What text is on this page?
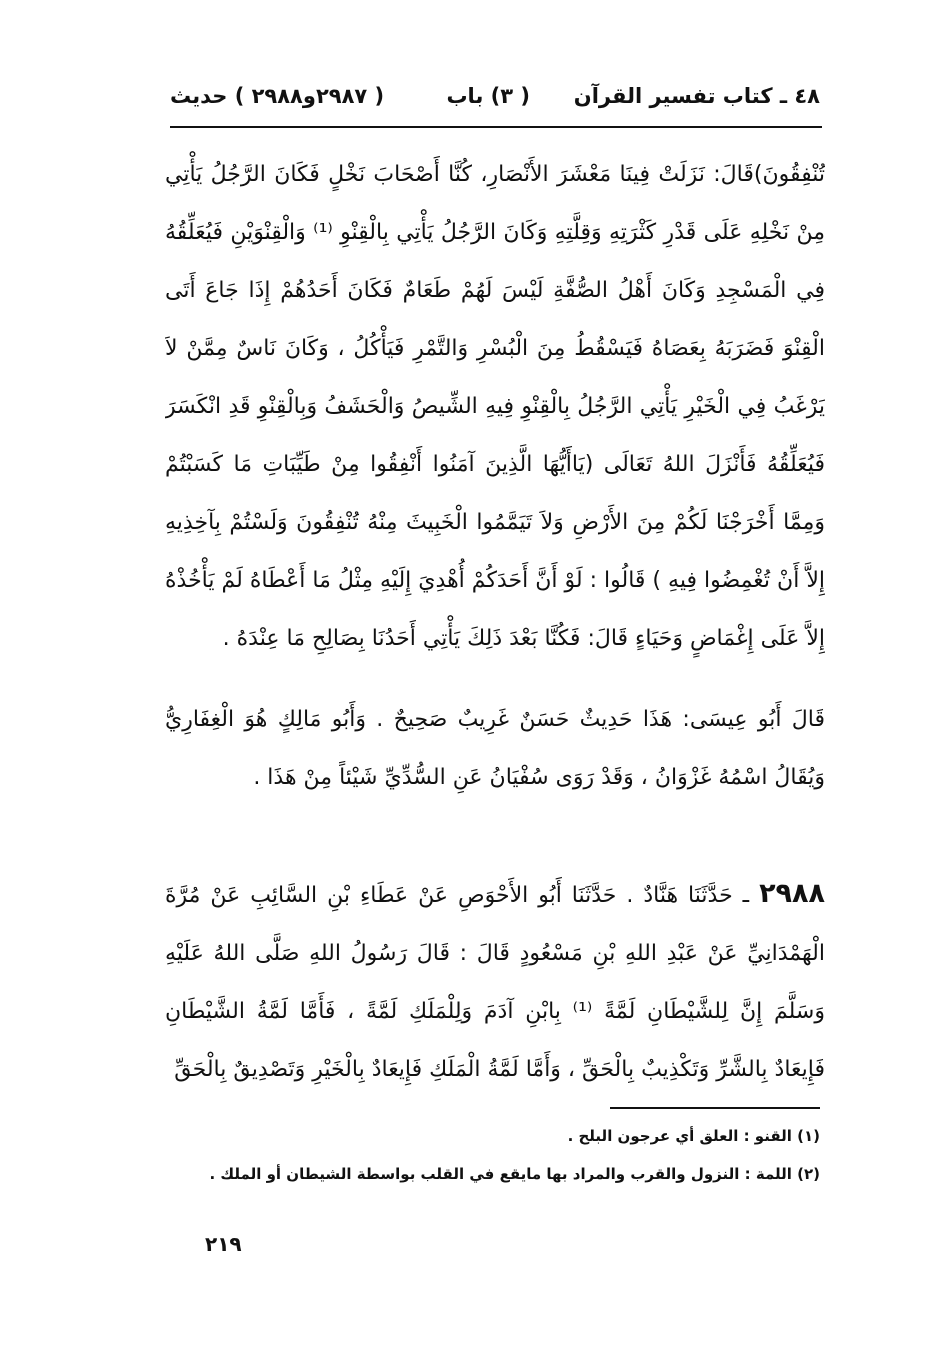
٤٨ ـ كتاب تفسير القرآن
( ٣) باب
( ٢٩٨٧و٢٩٨٨ ) حديث

تُنْفِقُونَ)قَالَ: نَزَلَتْ فِينَا مَعْشَرَ الأَنْصَارِ، كُنَّا أَصْحَابَ نَخْلٍ فَكَانَ الرَّجُلُ يَأْتِي مِنْ نَخْلِهِ عَلَى قَدْرِ كَثْرَتِهِ وَقِلَّتِهِ وَكَانَ الرَّجُلُ يَأْتِي بِالْقِنْوِ ⁽¹⁾ وَالْقِنْوَيْنِ فَيُعَلِّقُهُ فِي الْمَسْجِدِ وَكَانَ أَهْلُ الصُّفَّةِ لَيْسَ لَهُمْ طَعَامٌ فَكَانَ أَحَدُهُمْ إِذَا جَاعَ أَتَى الْقِنْوَ فَضَرَبَهُ بِعَصَاهُ فَيَسْقُطُ مِنَ الْبُسْرِ وَالتَّمْرِ فَيَأْكُلُ ، وَكَانَ نَاسٌ مِمَّنْ لاَ يَرْغَبُ فِي الْخَيْرِ يَأْتِي الرَّجُلُ بِالْقِنْوِ فِيهِ الشِّيصُ وَالْحَشَفُ وَبِالْقِنْوِ قَدِ انْكَسَرَ فَيُعَلِّقُهُ فَأَنْزَلَ اللهُ تَعَالَى (يَاأَيُّهَا الَّذِينَ آمَنُوا أَنْفِقُوا مِنْ طَيِّبَاتِ مَا كَسَبْتُمْ وَمِمَّا أَخْرَجْنَا لَكُمْ مِنَ الأَرْضِ وَلاَ تَيَمَّمُوا الْخَبِيثَ مِنْهُ تُنْفِقُونَ وَلَسْتُمْ بِآخِذِيهِ إِلاَّ أَنْ تُغْمِضُوا فِيهِ ) قَالُوا : لَوْ أَنَّ أَحَدَكُمْ أُهْدِيَ إِلَيْهِ مِثْلُ مَا أَعْطَاهُ لَمْ يَأْخُذْهُ إِلاَّ عَلَى إِغْمَاضٍ وَحَيَاءٍ قَالَ: فَكُنَّا بَعْدَ ذَلِكَ يَأْتِي أَحَدُنَا بِصَالِحِ مَا عِنْدَهُ .

قَالَ أَبُو عِيسَى: هَذَا حَدِيثٌ حَسَنٌ غَرِيبٌ صَحِيحٌ . وَأَبُو مَالِكٍ هُوَ الْغِفَارِيُّ وَيُقَالُ اسْمُهُ غَزْوَانُ ، وَقَدْ رَوَى سُفْيَانُ عَنِ السُّدِّيِّ شَيْئاً مِنْ هَذَا .

٢٩٨٨ ـ حَدَّثَنَا هَنَّادٌ . حَدَّثَنَا أَبُو الأَحْوَصِ عَنْ عَطَاءِ بْنِ السَّائِبِ عَنْ مُرَّةَ الْهَمْدَانِيِّ عَنْ عَبْدِ اللهِ بْنِ مَسْعُودٍ قَالَ : قَالَ رَسُولُ اللهِ صَلَّى اللهُ عَلَيْهِ وَسَلَّمَ إِنَّ لِلشَّيْطَانِ لَمَّةً ⁽¹⁾ بِابْنِ آدَمَ وَلِلْمَلَكِ لَمَّةً ، فَأَمَّا لَمَّةُ الشَّيْطَانِ فَإِيعَادٌ بِالشَّرِّ وَتَكْذِيبٌ بِالْحَقِّ ، وَأَمَّا لَمَّةُ الْمَلَكِ فَإِيعَادٌ بِالْخَيْرِ وَتَصْدِيقٌ بِالْحَقِّ

(١) القنو : العلق أي عرجون البلح .

(٢) اللمة : النزول والقرب والمراد بها مايقع في القلب بواسطة الشيطان أو الملك .

٢١٩
